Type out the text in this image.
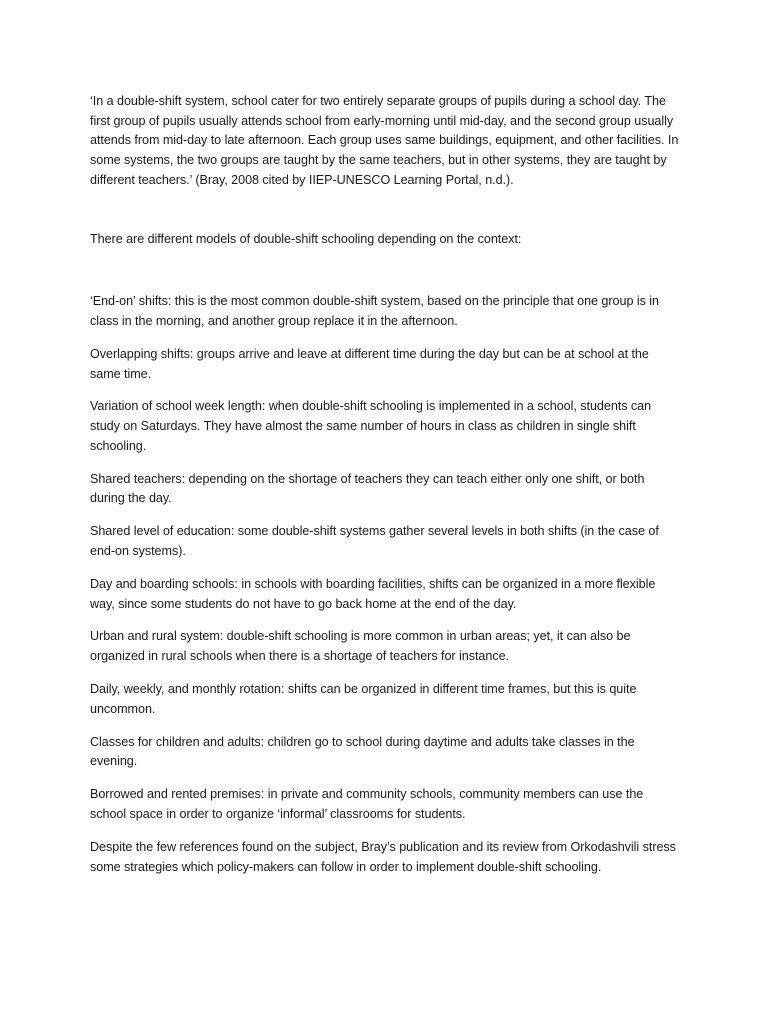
‘In a double-shift system, school cater for two entirely separate groups of pupils during a school day. The first group of pupils usually attends school from early-morning until mid-day, and the second group usually attends from mid-day to late afternoon. Each group uses same buildings, equipment, and other facilities. In some systems, the two groups are taught by the same teachers, but in other systems, they are taught by different teachers.’ (Bray, 2008 cited by IIEP-UNESCO Learning Portal, n.d.).

There are different models of double-shift schooling depending on the context:

‘End-on’ shifts: this is the most common double-shift system, based on the principle that one group is in class in the morning, and another group replace it in the afternoon.

Overlapping shifts: groups arrive and leave at different time during the day but can be at school at the same time.

Variation of school week length: when double-shift schooling is implemented in a school, students can study on Saturdays. They have almost the same number of hours in class as children in single shift schooling.

Shared teachers: depending on the shortage of teachers they can teach either only one shift, or both during the day.

Shared level of education: some double-shift systems gather several levels in both shifts (in the case of end-on systems).

Day and boarding schools: in schools with boarding facilities, shifts can be organized in a more flexible way, since some students do not have to go back home at the end of the day.

Urban and rural system: double-shift schooling is more common in urban areas; yet, it can also be organized in rural schools when there is a shortage of teachers for instance.

Daily, weekly, and monthly rotation: shifts can be organized in different time frames, but this is quite uncommon.

Classes for children and adults: children go to school during daytime and adults take classes in the evening.

Borrowed and rented premises: in private and community schools, community members can use the school space in order to organize ‘informal’ classrooms for students.

Despite the few references found on the subject, Bray’s publication and its review from Orkodashvili stress some strategies which policy-makers can follow in order to implement double-shift schooling.
